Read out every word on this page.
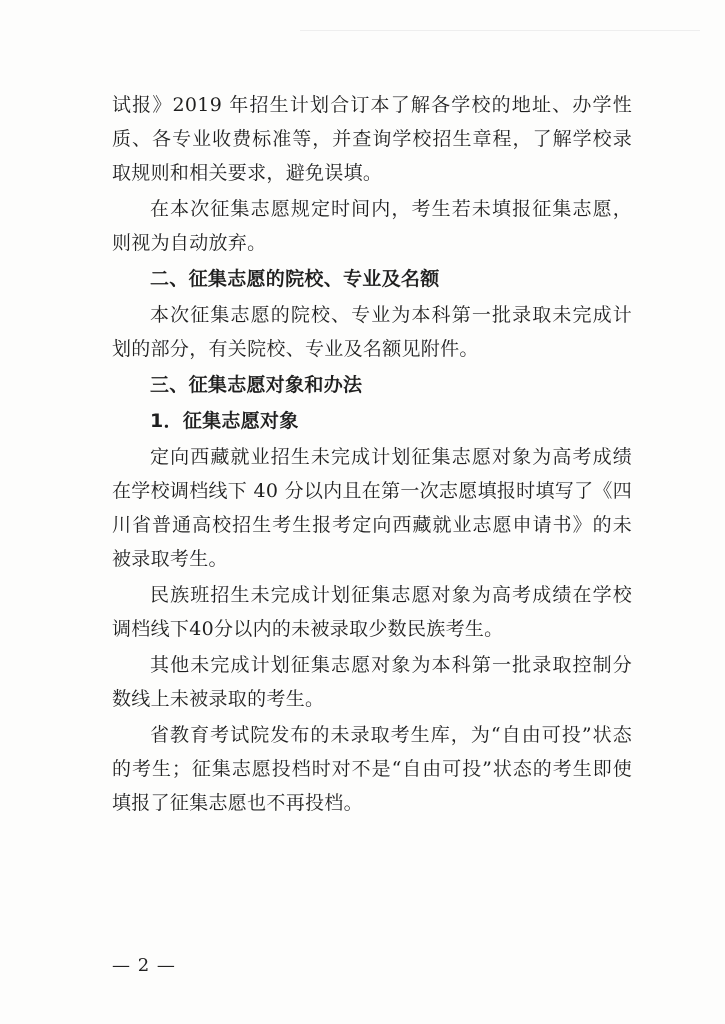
试报》2019 年招生计划合订本了解各学校的地址、办学性质、各专业收费标准等，并查询学校招生章程，了解学校录取规则和相关要求，避免误填。

在本次征集志愿规定时间内，考生若未填报征集志愿，则视为自动放弃。

二、征集志愿的院校、专业及名额

本次征集志愿的院校、专业为本科第一批录取未完成计划的部分，有关院校、专业及名额见附件。

三、征集志愿对象和办法

1．征集志愿对象

定向西藏就业招生未完成计划征集志愿对象为高考成绩在学校调档线下 40 分以内且在第一次志愿填报时填写了《四川省普通高校招生考生报考定向西藏就业志愿申请书》的未被录取考生。

民族班招生未完成计划征集志愿对象为高考成绩在学校调档线下40分以内的未被录取少数民族考生。

其他未完成计划征集志愿对象为本科第一批录取控制分数线上未被录取的考生。

省教育考试院发布的未录取考生库，为“自由可投”状态的考生；征集志愿投档时对不是“自由可投”状态的考生即使填报了征集志愿也不再投档。

— 2 —
